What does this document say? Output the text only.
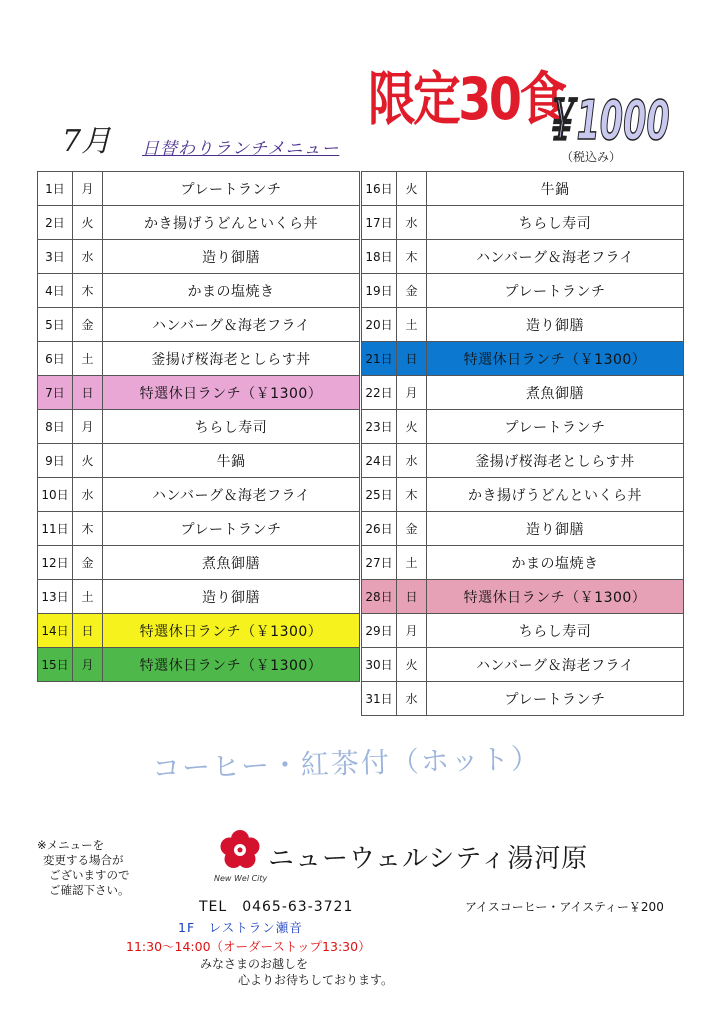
7月 日替わりランチメニュー
限定30食
￥1000
（税込み）
1日	月	プレートランチ
2日	火	かき揚げうどんといくら丼
3日	水	造り御膳
4日	木	かまの塩焼き
5日	金	ハンバーグ＆海老フライ
6日	土	釜揚げ桜海老としらす丼
7日	日	特選休日ランチ（￥1300）
8日	月	ちらし寿司
9日	火	牛鍋
10日	水	ハンバーグ＆海老フライ
11日	木	プレートランチ
12日	金	煮魚御膳
13日	土	造り御膳
14日	日	特選休日ランチ（￥1300）
15日	月	特選休日ランチ（￥1300）
16日	火	牛鍋
17日	水	ちらし寿司
18日	木	ハンバーグ＆海老フライ
19日	金	プレートランチ
20日	土	造り御膳
21日	日	特選休日ランチ（￥1300）
22日	月	煮魚御膳
23日	火	プレートランチ
24日	水	釜揚げ桜海老としらす丼
25日	木	かき揚げうどんといくら丼
26日	金	造り御膳
27日	土	かまの塩焼き
28日	日	特選休日ランチ（￥1300）
29日	月	ちらし寿司
30日	火	ハンバーグ＆海老フライ
31日	水	プレートランチ
コーヒー・紅茶付（ホット）
※メニューを
変更する場合が
ございますので
ご確認下さい。
New Wel City
ニューウェルシティ湯河原
TEL　0465-63-3721	アイスコーヒー・アイスティー￥200
1F　レストラン瀬音
11:30～14:00（オーダーストップ13:30）
みなさまのお越しを
心よりお待ちしております。
